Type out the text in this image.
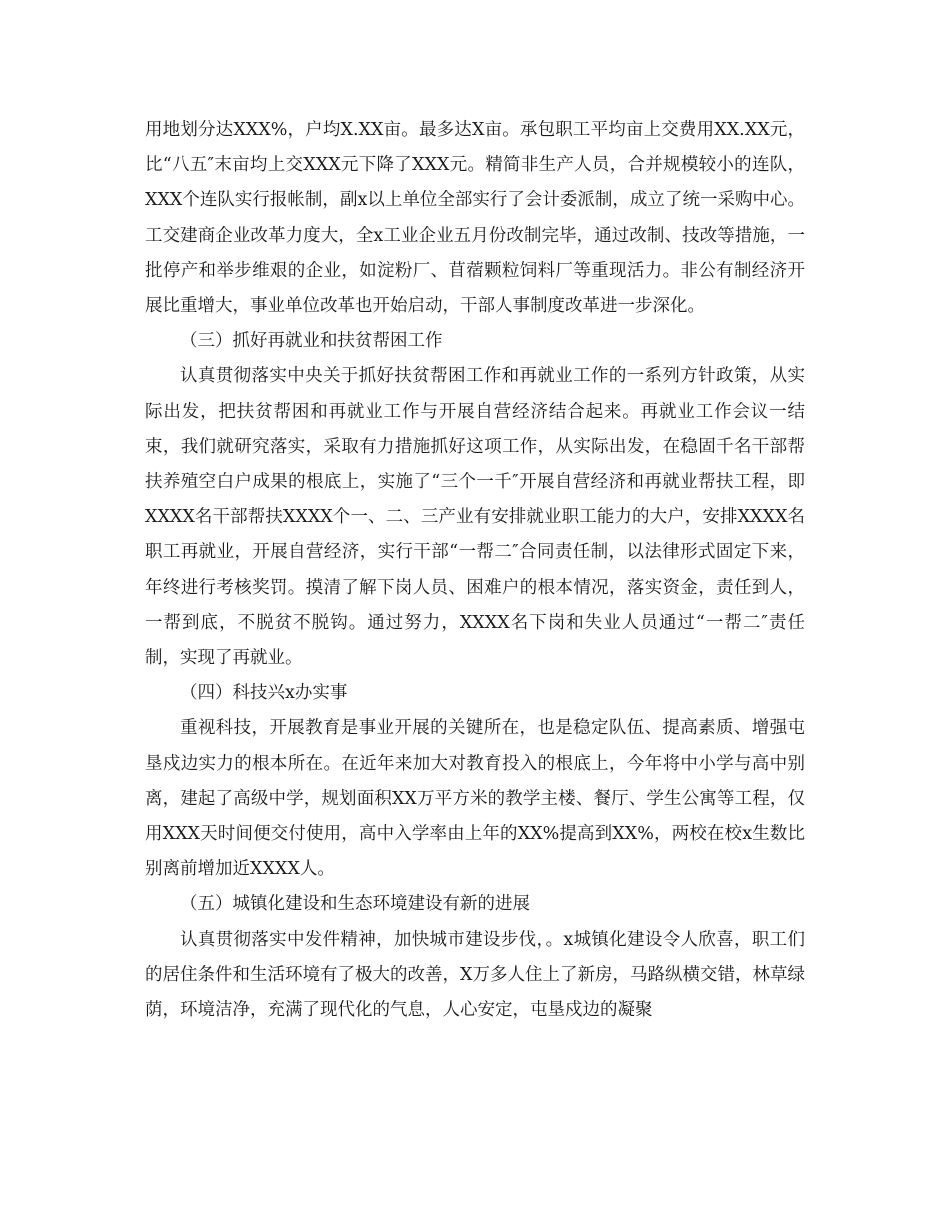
用地划分达XXX%，户均X.XX亩。最多达X亩。承包职工平均亩上交费用XX.XX元，比“八五″末亩均上交XXX元下降了XXX元。精简非生产人员，合并规模较小的连队，XXX个连队实行报帐制，副x以上单位全部实行了会计委派制，成立了统一采购中心。工交建商企业改革力度大，全x工业企业五月份改制完毕，通过改制、技改等措施，一批停产和举步维艰的企业，如淀粉厂、苜蓿颗粒饲料厂等重现活力。非公有制经济开展比重增大，事业单位改革也开始启动，干部人事制度改革进一步深化。

（三）抓好再就业和扶贫帮困工作

认真贯彻落实中央关于抓好扶贫帮困工作和再就业工作的一系列方针政策，从实际出发，把扶贫帮困和再就业工作与开展自营经济结合起来。再就业工作会议一结束，我们就研究落实，采取有力措施抓好这项工作，从实际出发，在稳固千名干部帮扶养殖空白户成果的根底上，实施了“三个一千″开展自营经济和再就业帮扶工程，即XXXX名干部帮扶XXXX个一、二、三产业有安排就业职工能力的大户，安排XXXX名职工再就业，开展自营经济，实行干部“一帮二″合同责任制，以法律形式固定下来，年终进行考核奖罚。摸清了解下岗人员、困难户的根本情况，落实资金，责任到人，一帮到底，不脱贫不脱钩。通过努力，XXXX名下岗和失业人员通过“一帮二″责任制，实现了再就业。

（四）科技兴x办实事

重视科技，开展教育是事业开展的关键所在，也是稳定队伍、提高素质、增强屯垦戍边实力的根本所在。在近年来加大对教育投入的根底上，今年将中小学与高中别离，建起了高级中学，规划面积XX万平方米的教学主楼、餐厅、学生公寓等工程，仅用XXX天时间便交付使用，高中入学率由上年的XX%提高到XX%，两校在校x生数比别离前增加近XXXX人。

（五）城镇化建设和生态环境建设有新的进展

认真贯彻落实中发件精神，加快城市建设步伐，。x城镇化建设令人欣喜，职工们的居住条件和生活环境有了极大的改善，X万多人住上了新房，马路纵横交错，林草绿荫，环境洁净，充满了现代化的气息，人心安定，屯垦戍边的凝聚
